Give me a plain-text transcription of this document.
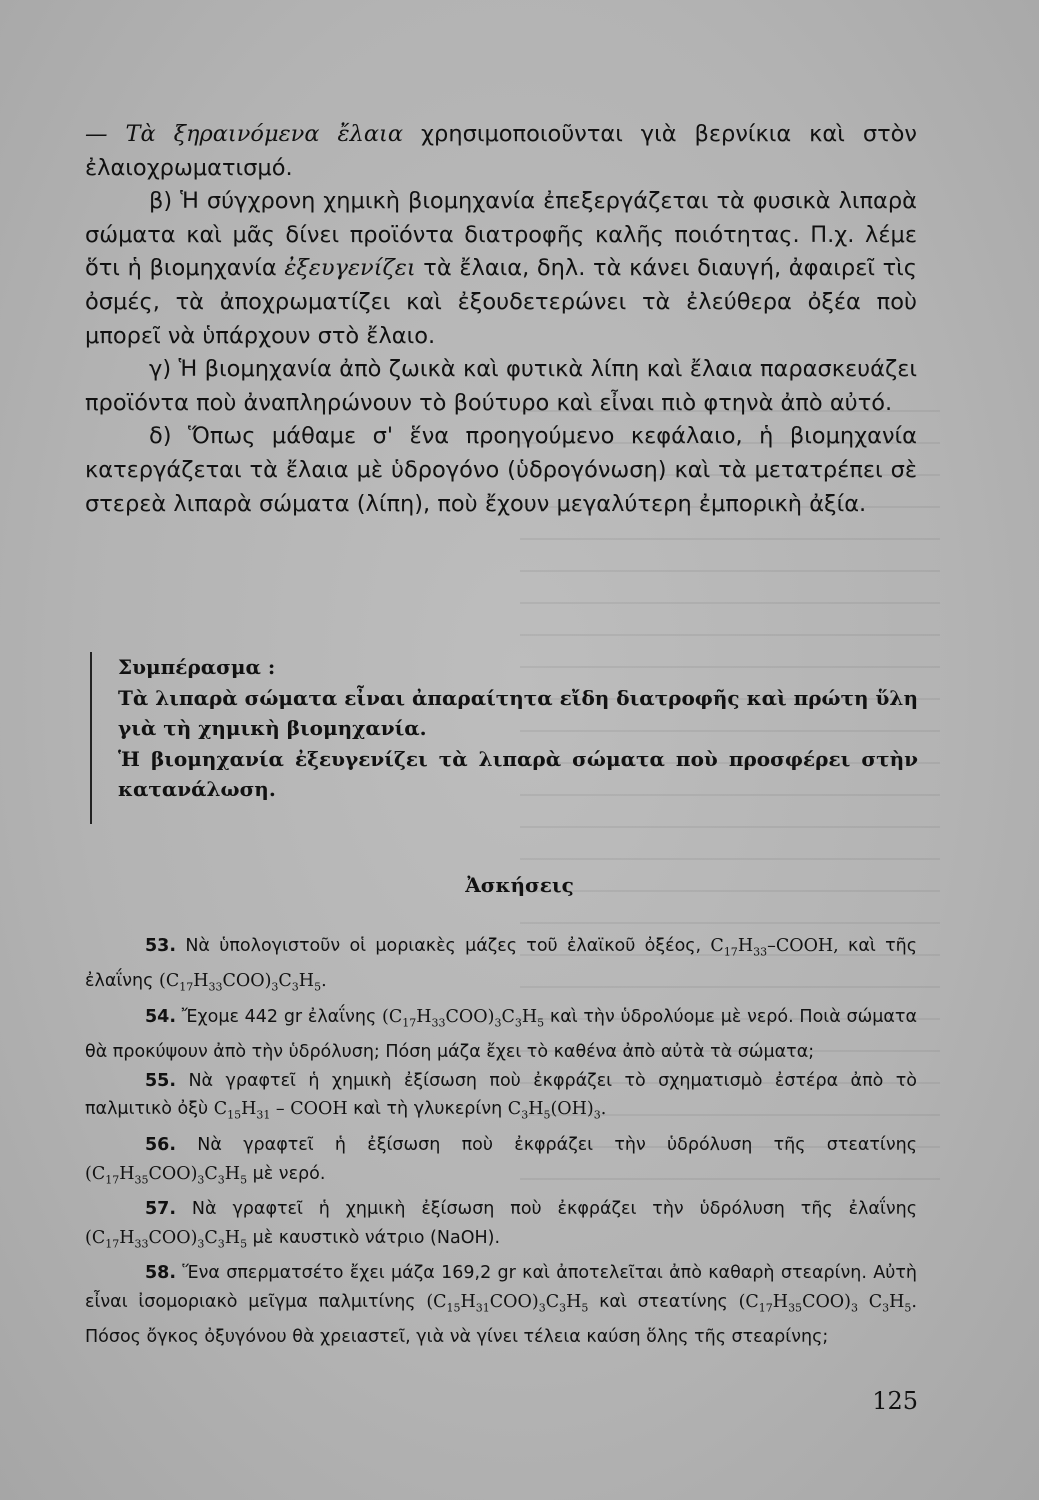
— Τὰ ξηραινόμενα ἔλαια χρησιμοποιοῦνται γιὰ βερνίκια καὶ στὸν ἐλαιοχρωματισμό.

β) Ἡ σύγχρονη χημικὴ βιομηχανία ἐπεξεργάζεται τὰ φυσικὰ λιπαρὰ σώματα καὶ μᾶς δίνει προϊόντα διατροφῆς καλῆς ποιότητας. Π.χ. λέμε ὅτι ἡ βιομηχανία ἐξευγενίζει τὰ ἔλαια, δηλ. τὰ κάνει διαυγή, ἀφαιρεῖ τὶς ὀσμές, τὰ ἀποχρωματίζει καὶ ἐξουδετερώνει τὰ ἐλεύθερα ὀξέα ποὺ μπορεῖ νὰ ὑπάρχουν στὸ ἔλαιο.

γ) Ἡ βιομηχανία ἀπὸ ζωικὰ καὶ φυτικὰ λίπη καὶ ἔλαια παρασκευάζει προϊόντα ποὺ ἀναπληρώνουν τὸ βούτυρο καὶ εἶναι πιὸ φτηνὰ ἀπὸ αὐτό.

δ) Ὅπως μάθαμε σ' ἕνα προηγούμενο κεφάλαιο, ἡ βιομηχανία κατεργάζεται τὰ ἔλαια μὲ ὑδρογόνο (ὑδρογόνωση) καὶ τὰ μετατρέπει σὲ στερεὰ λιπαρὰ σώματα (λίπη), ποὺ ἔχουν μεγαλύτερη ἐμπορικὴ ἀξία.

Συμπέρασμα :

Τὰ λιπαρὰ σώματα εἶναι ἀπαραίτητα εἴδη διατροφῆς καὶ πρώτη ὕλη γιὰ τὴ χημικὴ βιομηχανία.

Ἡ βιομηχανία ἐξευγενίζει τὰ λιπαρὰ σώματα ποὺ προσφέρει στὴν κατανάλωση.

Ἀσκήσεις

53. Νὰ ὑπολογιστοῦν οἱ μοριακὲς μάζες τοῦ ἐλαϊκοῦ ὀξέος, $C_{17}H_{33}$–COOH, καὶ τῆς ἐλαΐνης $(C_{17}H_{33}COO)_3C_3H_5$.

54. Ἔχομε 442 gr ἐλαΐνης $(C_{17}H_{33}COO)_3C_3H_5$ καὶ τὴν ὑδρολύομε μὲ νερό. Ποιὰ σώματα θὰ προκύψουν ἀπὸ τὴν ὑδρόλυση; Πόση μάζα ἔχει τὸ καθένα ἀπὸ αὐτὰ τὰ σώματα;

55. Νὰ γραφτεῖ ἡ χημικὴ ἐξίσωση ποὺ ἐκφράζει τὸ σχηματισμὸ ἐστέρα ἀπὸ τὸ παλμιτικὸ ὀξὺ $C_{15}H_{31}$ – COOH καὶ τὴ γλυκερίνη $C_3H_5(OH)_3$.

56. Νὰ γραφτεῖ ἡ ἐξίσωση ποὺ ἐκφράζει τὴν ὑδρόλυση τῆς στεατίνης $(C_{17}H_{35}COO)_3C_3H_5$ μὲ νερό.

57. Νὰ γραφτεῖ ἡ χημικὴ ἐξίσωση ποὺ ἐκφράζει τὴν ὑδρόλυση τῆς ἐλαΐνης $(C_{17}H_{33}COO)_3C_3H_5$ μὲ καυστικὸ νάτριο (NaOH).

58. Ἕνα σπερματσέτο ἔχει μάζα 169,2 gr καὶ ἀποτελεῖται ἀπὸ καθαρὴ στεαρίνη. Αὐτὴ εἶναι ἰσομοριακὸ μεῖγμα παλμιτίνης $(C_{15}H_{31}COO)_3C_3H_5$ καὶ στεατίνης $(C_{17}H_{35}COO)_3$ $C_3H_5$. Πόσος ὄγκος ὀξυγόνου θὰ χρειαστεῖ, γιὰ νὰ γίνει τέλεια καύση ὅλης τῆς στεαρίνης;

125
